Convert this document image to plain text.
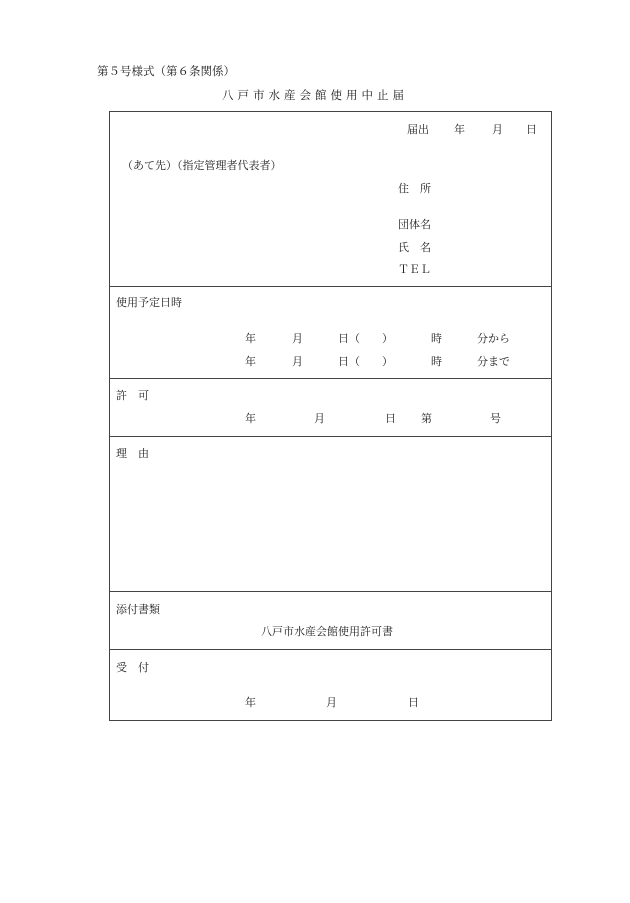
第５号様式（第６条関係）
八戸市水産会館使用中止届
届出 年 月 日
（あて先）（指定管理者代表者）
住　所
団体名
氏　名
ＴＥＬ
使用予定日時
年	月	日（　　）	時	分から
年	月	日（　　）	時	分まで
許　可
年	月	日 第	号
理　由
添付書類
八戸市水産会館使用許可書
受　付
年	月	日
